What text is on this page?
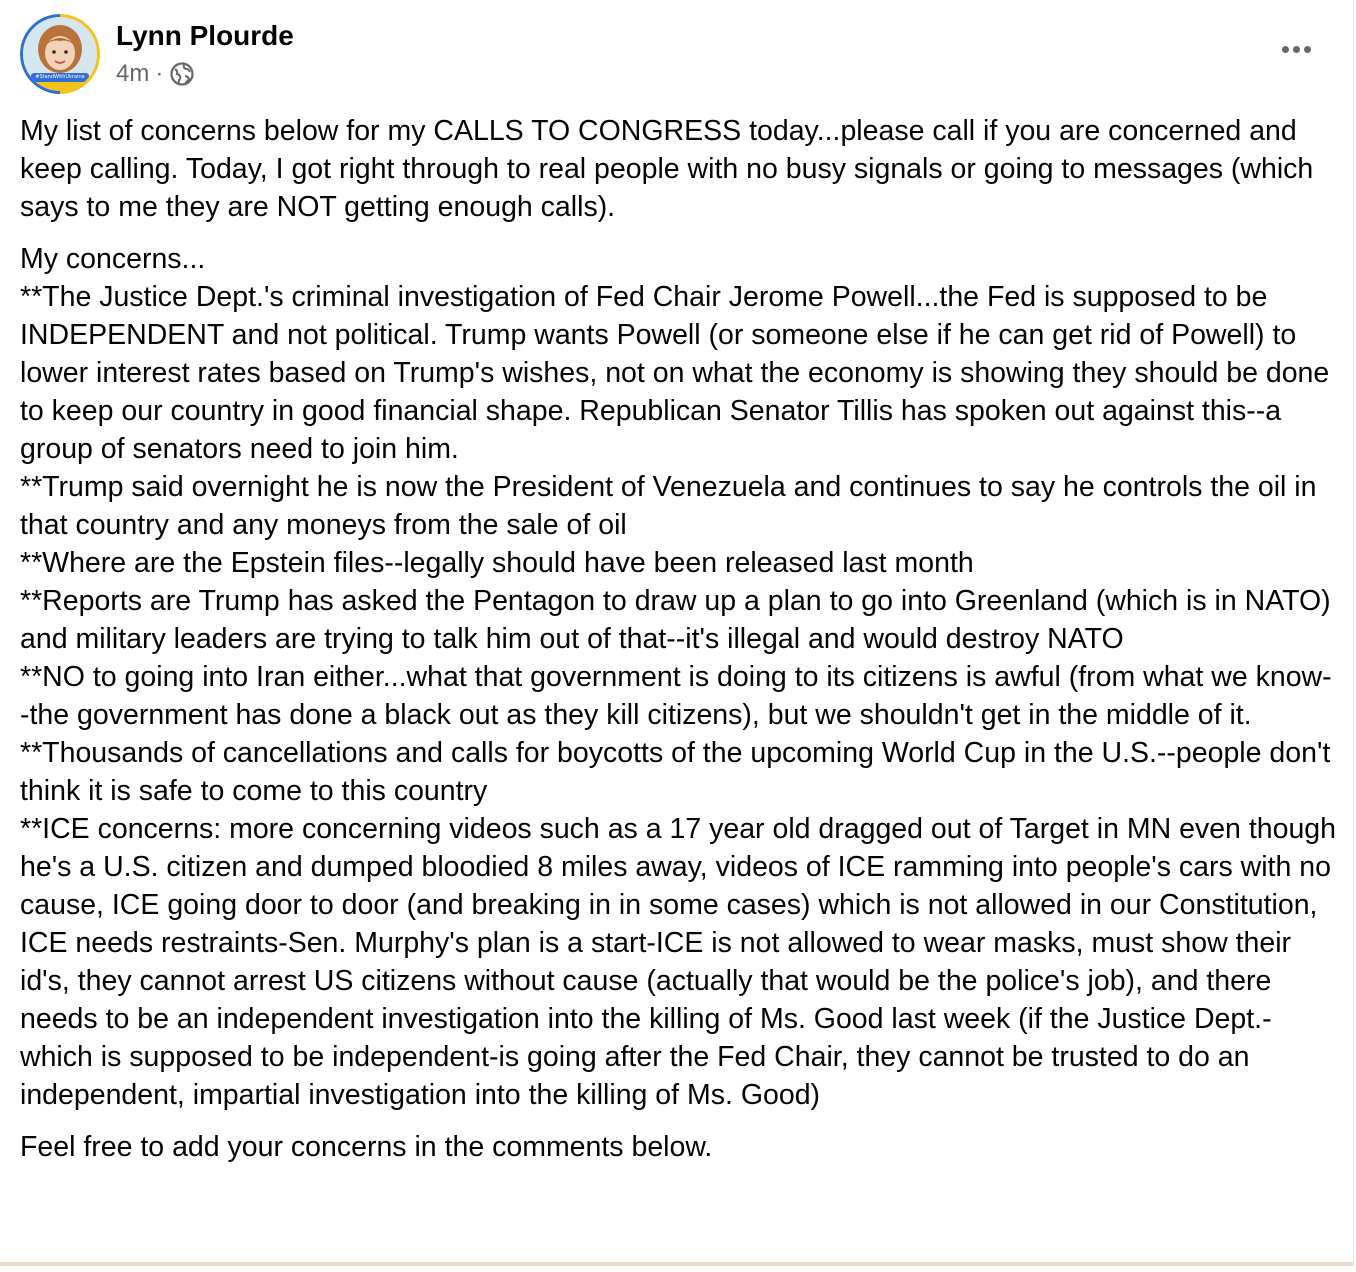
#StandWithUkraine
Lynn Plourde
4m ·

My list of concerns below for my CALLS TO CONGRESS today...please call if you are concerned and keep calling. Today, I got right through to real people with no busy signals or going to messages (which says to me they are NOT getting enough calls).

My concerns...
**The Justice Dept.'s criminal investigation of Fed Chair Jerome Powell...the Fed is supposed to be INDEPENDENT and not political. Trump wants Powell (or someone else if he can get rid of Powell) to lower interest rates based on Trump's wishes, not on what the economy is showing they should be done to keep our country in good financial shape. Republican Senator Tillis has spoken out against this--a group of senators need to join him.
**Trump said overnight he is now the President of Venezuela and continues to say he controls the oil in that country and any moneys from the sale of oil
**Where are the Epstein files--legally should have been released last month
**Reports are Trump has asked the Pentagon to draw up a plan to go into Greenland (which is in NATO) and military leaders are trying to talk him out of that--it's illegal and would destroy NATO
**NO to going into Iran either...what that government is doing to its citizens is awful (from what we know--the government has done a black out as they kill citizens), but we shouldn't get in the middle of it.
**Thousands of cancellations and calls for boycotts of the upcoming World Cup in the U.S.--people don't think it is safe to come to this country
**ICE concerns: more concerning videos such as a 17 year old dragged out of Target in MN even though he's a U.S. citizen and dumped bloodied 8 miles away, videos of ICE ramming into people's cars with no cause, ICE going door to door (and breaking in in some cases) which is not allowed in our Constitution, ICE needs restraints-Sen. Murphy's plan is a start-ICE is not allowed to wear masks, must show their id's, they cannot arrest US citizens without cause (actually that would be the police's job), and there needs to be an independent investigation into the killing of Ms. Good last week (if the Justice Dept.-which is supposed to be independent-is going after the Fed Chair, they cannot be trusted to do an independent, impartial investigation into the killing of Ms. Good)

Feel free to add your concerns in the comments below.
